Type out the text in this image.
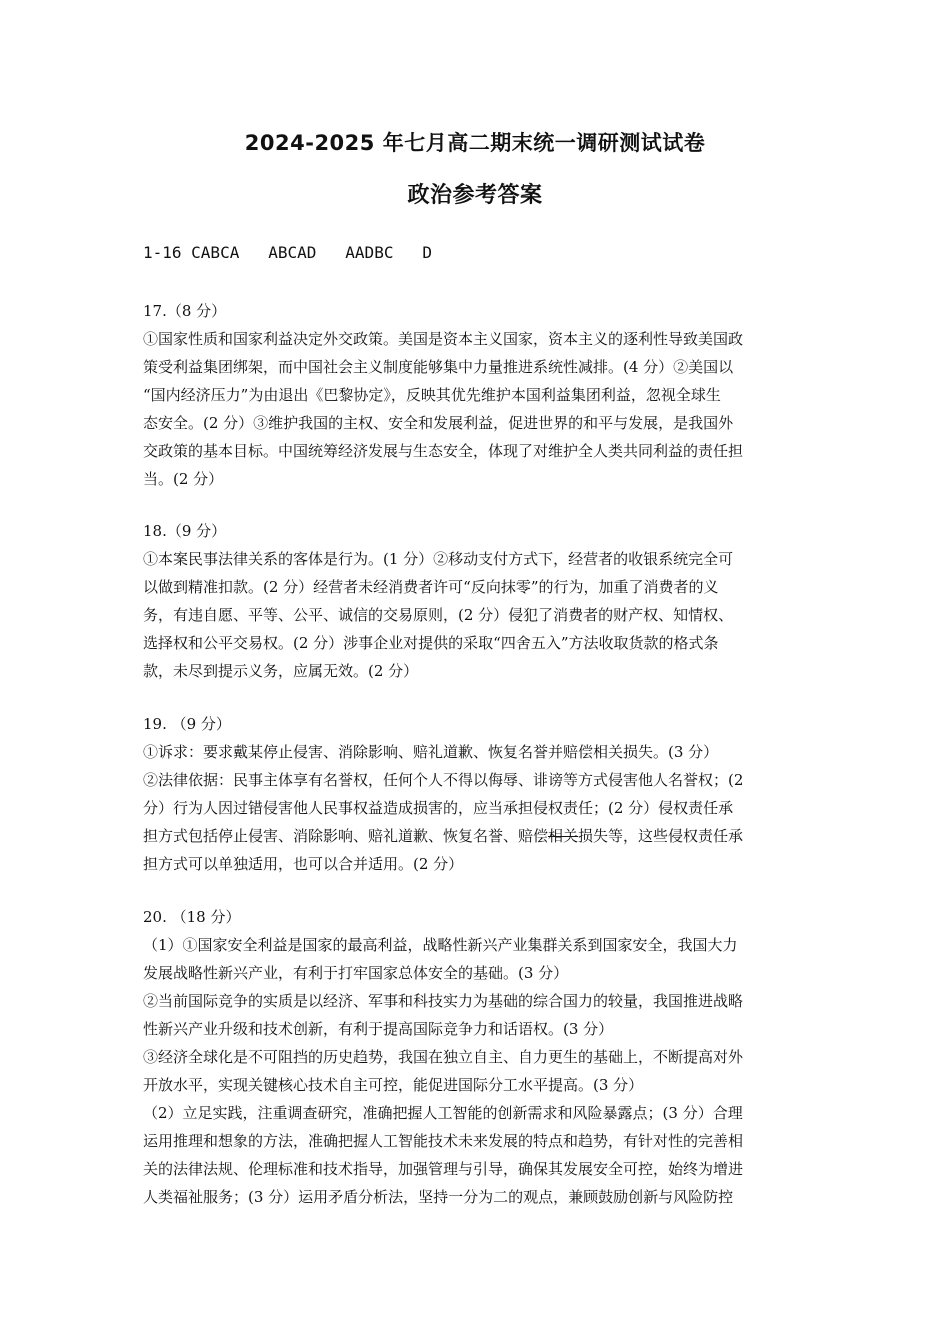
2024-2025 年七月高二期末统一调研测试试卷
政治参考答案
1-16 CABCA   ABCAD   AADBC   D
17.（8 分）
①国家性质和国家利益决定外交政策。美国是资本主义国家，资本主义的逐利性导致美国政
策受利益集团绑架，而中国社会主义制度能够集中力量推进系统性减排。(4 分）②美国以
“国内经济压力”为由退出《巴黎协定》，反映其优先维护本国利益集团利益，忽视全球生
态安全。(2 分）③维护我国的主权、安全和发展利益，促进世界的和平与发展，是我国外
交政策的基本目标。中国统筹经济发展与生态安全，体现了对维护全人类共同利益的责任担
当。(2 分）
18.（9 分）
①本案民事法律关系的客体是行为。(1 分）②移动支付方式下，经营者的收银系统完全可
以做到精准扣款。(2 分）经营者未经消费者许可“反向抹零”的行为，加重了消费者的义
务，有违自愿、平等、公平、诚信的交易原则，(2 分）侵犯了消费者的财产权、知情权、
选择权和公平交易权。(2 分）涉事企业对提供的采取“四舍五入”方法收取货款的格式条
款，未尽到提示义务，应属无效。(2 分）
19. （9 分）
①诉求：要求戴某停止侵害、消除影响、赔礼道歉、恢复名誉并赔偿相关损失。(3 分）
②法律依据：民事主体享有名誉权，任何个人不得以侮辱、诽谤等方式侵害他人名誉权；(2
分）行为人因过错侵害他人民事权益造成损害的，应当承担侵权责任；(2 分）侵权责任承
担方式包括停止侵害、消除影响、赔礼道歉、恢复名誉、赔偿相关损失等，这些侵权责任承
担方式可以单独适用，也可以合并适用。(2 分）
20. （18 分）
（1）①国家安全利益是国家的最高利益，战略性新兴产业集群关系到国家安全，我国大力
发展战略性新兴产业，有利于打牢国家总体安全的基础。(3 分）
②当前国际竞争的实质是以经济、军事和科技实力为基础的综合国力的较量，我国推进战略
性新兴产业升级和技术创新，有利于提高国际竞争力和话语权。(3 分）
③经济全球化是不可阻挡的历史趋势，我国在独立自主、自力更生的基础上，不断提高对外
开放水平，实现关键核心技术自主可控，能促进国际分工水平提高。(3 分）
（2）立足实践，注重调查研究，准确把握人工智能的创新需求和风险暴露点；(3 分）合理
运用推理和想象的方法，准确把握人工智能技术未来发展的特点和趋势，有针对性的完善相
关的法律法规、伦理标准和技术指导，加强管理与引导，确保其发展安全可控，始终为增进
人类福祉服务；(3 分）运用矛盾分析法，坚持一分为二的观点，兼顾鼓励创新与风险防控
